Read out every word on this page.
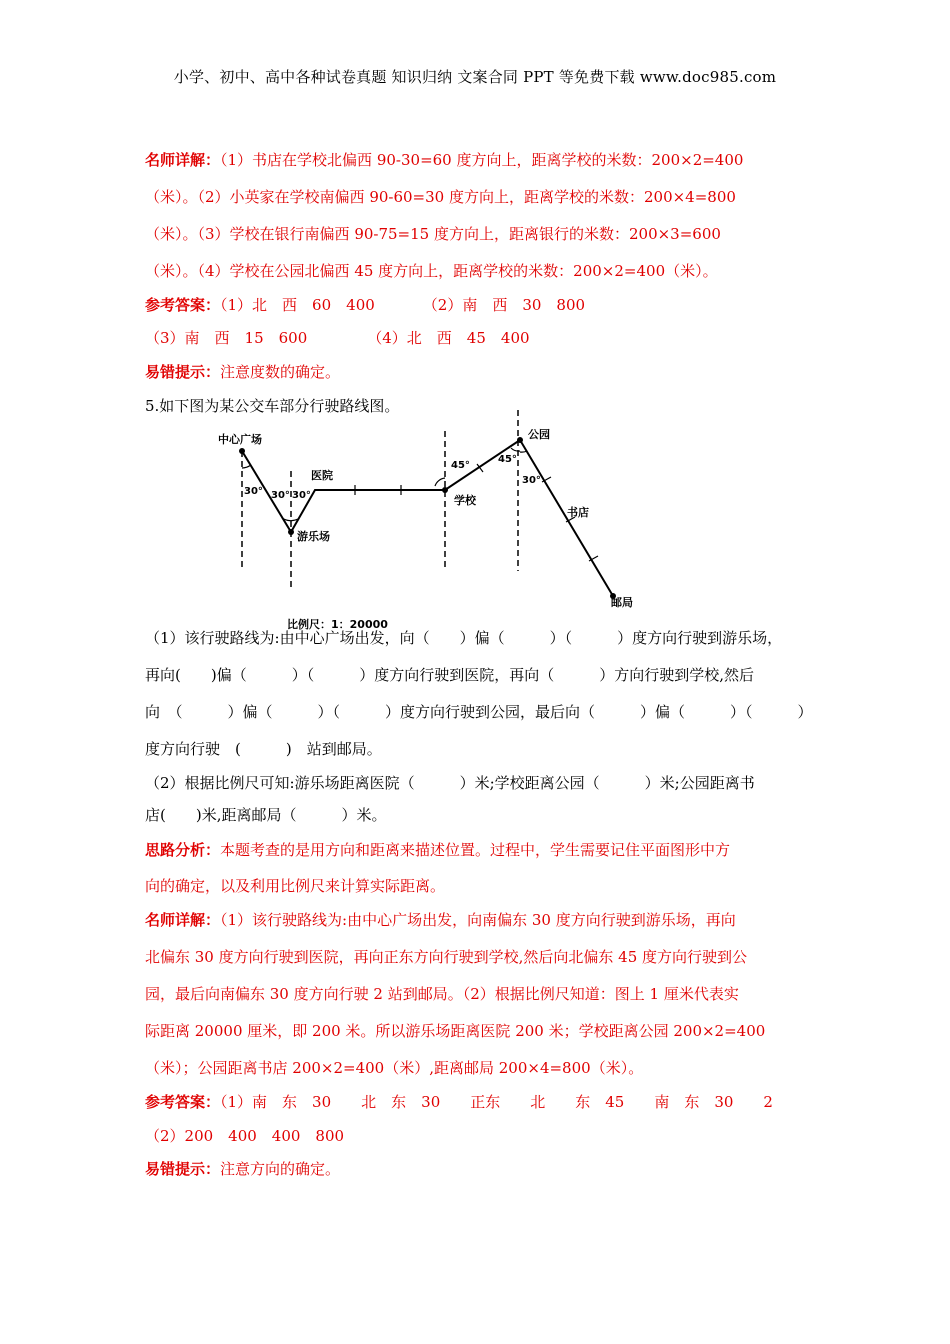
小学、初中、高中各种试卷真题 知识归纳 文案合同 PPT 等免费下载 www.doc985.com
名师详解：（1）书店在学校北偏西 90-30=60 度方向上，距离学校的米数：200×2=400
（米）。（2）小英家在学校南偏西 90-60=30 度方向上，距离学校的米数：200×4=800
（米）。（3）学校在银行南偏西 90-75=15 度方向上，距离银行的米数：200×3=600
（米）。（4）学校在公园北偏西 45 度方向上，距离学校的米数：200×2=400（米）。
参考答案：（1）北　西　60　400	（2）南　西　30　800
（3）南　西　15　600	（4）北　西　45　400
易错提示：注意度数的确定。
5.如下图为某公交车部分行驶路线图。
中心广场
游乐场
医院
学校
公园
书店
邮局
30° 30° 30°
45°
45°
30°
比例尺：1：20000
（1）该行驶路线为:由中心广场出发，向（　　）偏（　　　）（　　　）度方向行驶到游乐场，
再向(　　)偏（　　　）（　　　）度方向行驶到医院，再向（　　　）方向行驶到学校,然后
向　（　　　）偏（　　　）（　　　）度方向行驶到公园，最后向（　　　）偏（　　　）（　　　）
度方向行驶　(　　　)　站到邮局。
（2）根据比例尺可知:游乐场距离医院（　　　）米;学校距离公园（　　　）米;公园距离书
店(　　)米,距离邮局（　　　）米。
思路分析：本题考查的是用方向和距离来描述位置。过程中，学生需要记住平面图形中方
向的确定，以及利用比例尺来计算实际距离。
名师详解：（1）该行驶路线为:由中心广场出发，向南偏东 30 度方向行驶到游乐场，再向
北偏东 30 度方向行驶到医院，再向正东方向行驶到学校,然后向北偏东 45 度方向行驶到公
园，最后向南偏东 30 度方向行驶 2 站到邮局。（2）根据比例尺知道：图上 1 厘米代表实
际距离 20000 厘米，即 200 米。所以游乐场距离医院 200 米；学校距离公园 200×2=400
（米）；公园距离书店 200×2=400（米）,距离邮局 200×4=800（米）。
参考答案：（1）南　东　30　　北　东　30　　正东　　北　　东　45　　南　东　30　　2
（2）200　400　400　800
易错提示：注意方向的确定。
